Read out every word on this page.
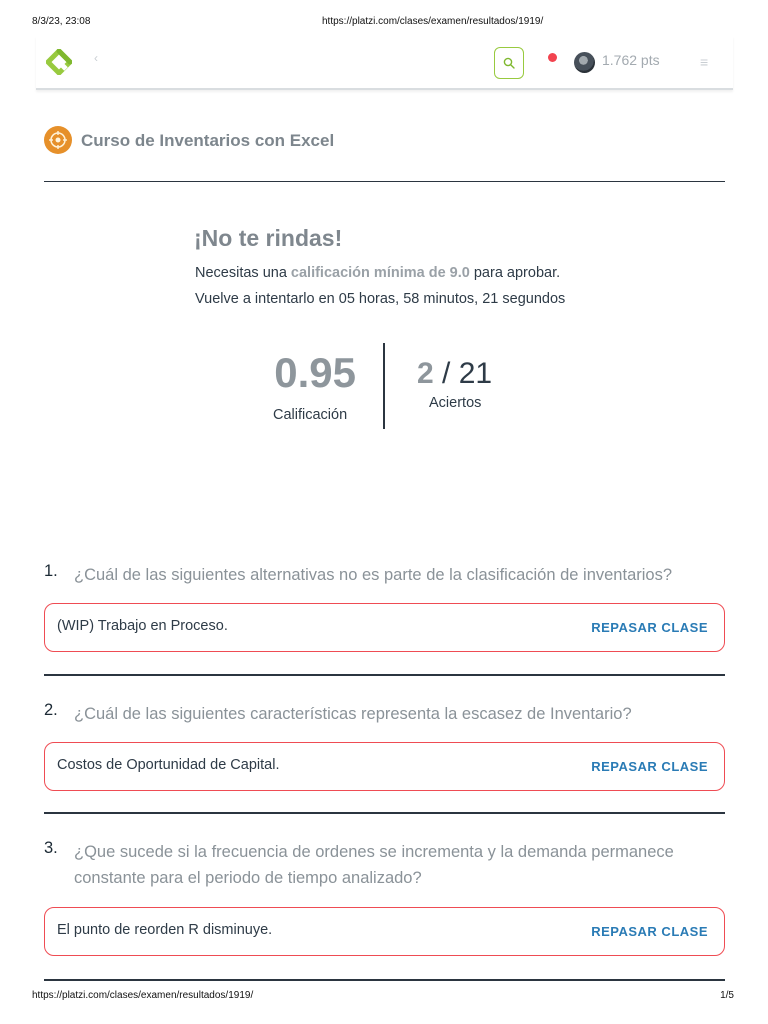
8/3/23, 23:08	https://platzi.com/clases/examen/resultados/1919/
‹	1.762 pts	≡
Curso de Inventarios con Excel
¡No te rindas!
Necesitas una calificación mínima de 9.0 para aprobar.
Vuelve a intentarlo en 05 horas, 58 minutos, 21 segundos
0.95
Calificación
2 / 21
Aciertos
1. ¿Cuál de las siguientes alternativas no es parte de la clasificación de inventarios?
(WIP) Trabajo en Proceso.	REPASAR CLASE
2. ¿Cuál de las siguientes características representa la escasez de Inventario?
Costos de Oportunidad de Capital.	REPASAR CLASE
3. ¿Que sucede si la frecuencia de ordenes se incrementa y la demanda permanece constante para el periodo de tiempo analizado?
El punto de reorden R disminuye.	REPASAR CLASE
https://platzi.com/clases/examen/resultados/1919/	1/5
